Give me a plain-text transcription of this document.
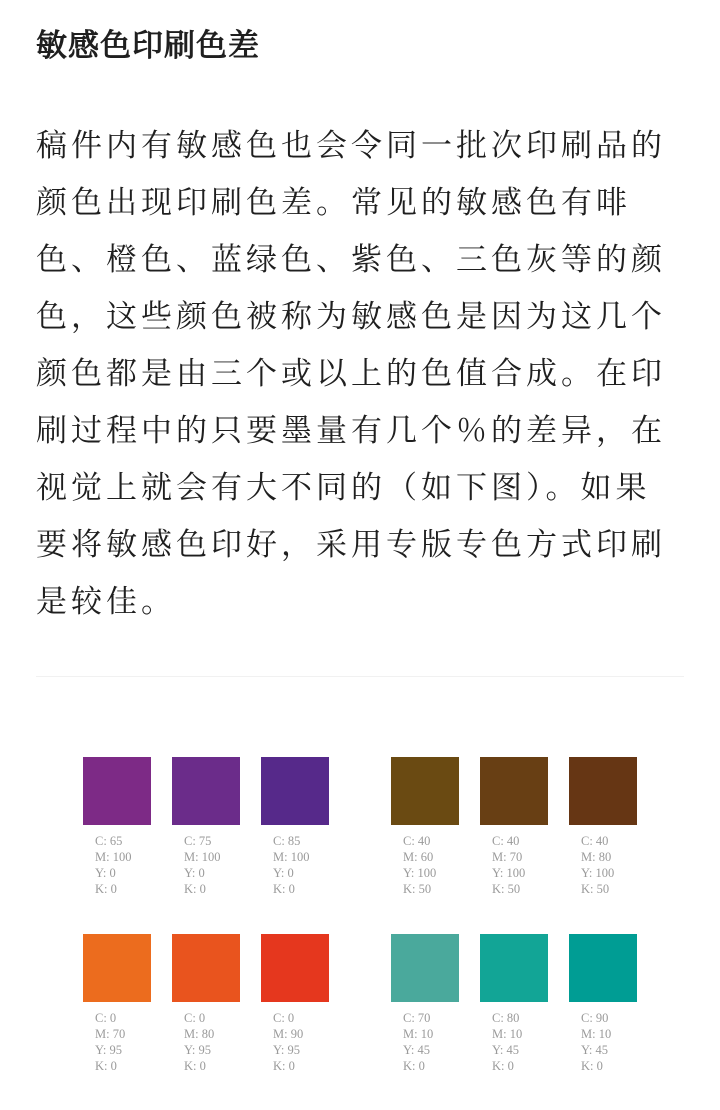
敏感色印刷色差
稿件内有敏感色也会令同一批次印刷品的
颜色出现印刷色差。常见的敏感色有啡
色、橙色、蓝绿色、紫色、三色灰等的颜
色，这些颜色被称为敏感色是因为这几个
颜色都是由三个或以上的色值合成。在印
刷过程中的只要墨量有几个％的差异，在
视觉上就会有大不同的（如下图）。如果
要将敏感色印好，采用专版专色方式印刷
是较佳。
C: 65
M: 100
Y: 0
K: 0
C: 75
M: 100
Y: 0
K: 0
C: 85
M: 100
Y: 0
K: 0
C: 40
M: 60
Y: 100
K: 50
C: 40
M: 70
Y: 100
K: 50
C: 40
M: 80
Y: 100
K: 50
C: 0
M: 70
Y: 95
K: 0
C: 0
M: 80
Y: 95
K: 0
C: 0
M: 90
Y: 95
K: 0
C: 70
M: 10
Y: 45
K: 0
C: 80
M: 10
Y: 45
K: 0
C: 90
M: 10
Y: 45
K: 0
